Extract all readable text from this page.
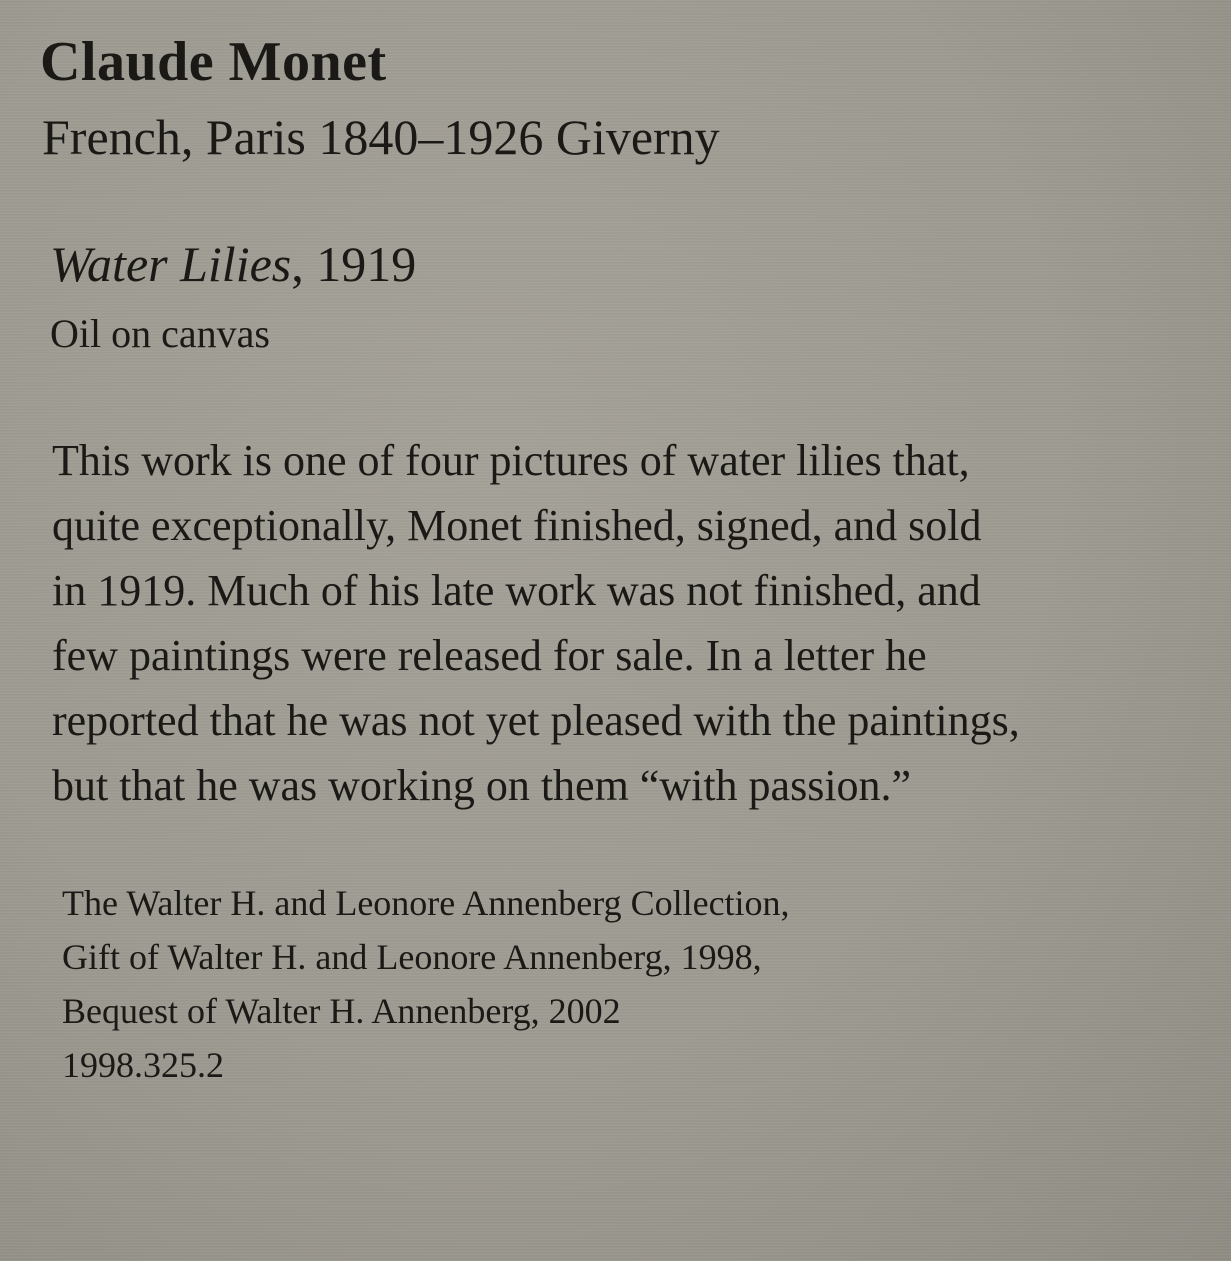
Claude Monet
French, Paris 1840–1926 Giverny
Water Lilies, 1919
Oil on canvas
This work is one of four pictures of water lilies that,
quite exceptionally, Monet finished, signed, and sold
in 1919. Much of his late work was not finished, and
few paintings were released for sale. In a letter he
reported that he was not yet pleased with the paintings,
but that he was working on them “with passion.”
The Walter H. and Leonore Annenberg Collection,
Gift of Walter H. and Leonore Annenberg, 1998,
Bequest of Walter H. Annenberg, 2002
1998.325.2
